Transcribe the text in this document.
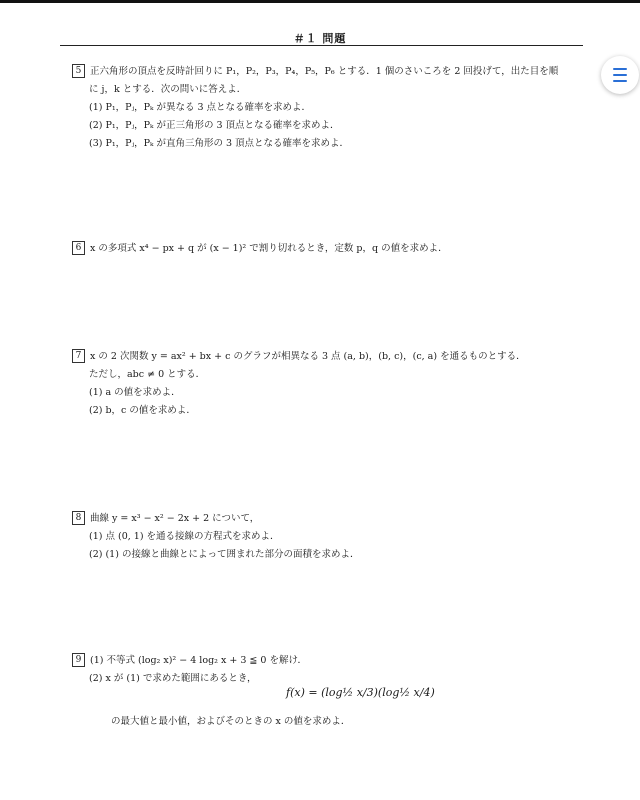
＃１ 問題
5 正六角形の頂点を反時計回りに P₁，P₂，P₃，P₄，P₅，P₆ とする．1 個のさいころを 2 回投げて，出た目を順
に j，k とする．次の問いに答えよ．
(1) P₁，Pⱼ，Pₖ が異なる 3 点となる確率を求めよ．
(2) P₁，Pⱼ，Pₖ が正三角形の 3 頂点となる確率を求めよ．
(3) P₁，Pⱼ，Pₖ が直角三角形の 3 頂点となる確率を求めよ．
6 x の多項式 x⁴ − px + q が (x − 1)² で割り切れるとき，定数 p，q の値を求めよ．
7 x の 2 次関数 y = ax² + bx + c のグラフが相異なる 3 点 (a, b)，(b, c)，(c, a) を通るものとする．
ただし，abc ≠ 0 とする．
(1) a の値を求めよ．
(2) b，c の値を求めよ．
8 曲線 y = x³ − x² − 2x + 2 について，
(1) 点 (0, 1) を通る接線の方程式を求めよ．
(2) (1) の接線と曲線とによって囲まれた部分の面積を求めよ．
9 (1) 不等式 (log₂ x)² − 4 log₂ x + 3 ≦ 0 を解け．
(2) x が (1) で求めた範囲にあるとき，
f(x) = (log½ x/3)(log½ x/4)
の最大値と最小値，およびそのときの x の値を求めよ．
